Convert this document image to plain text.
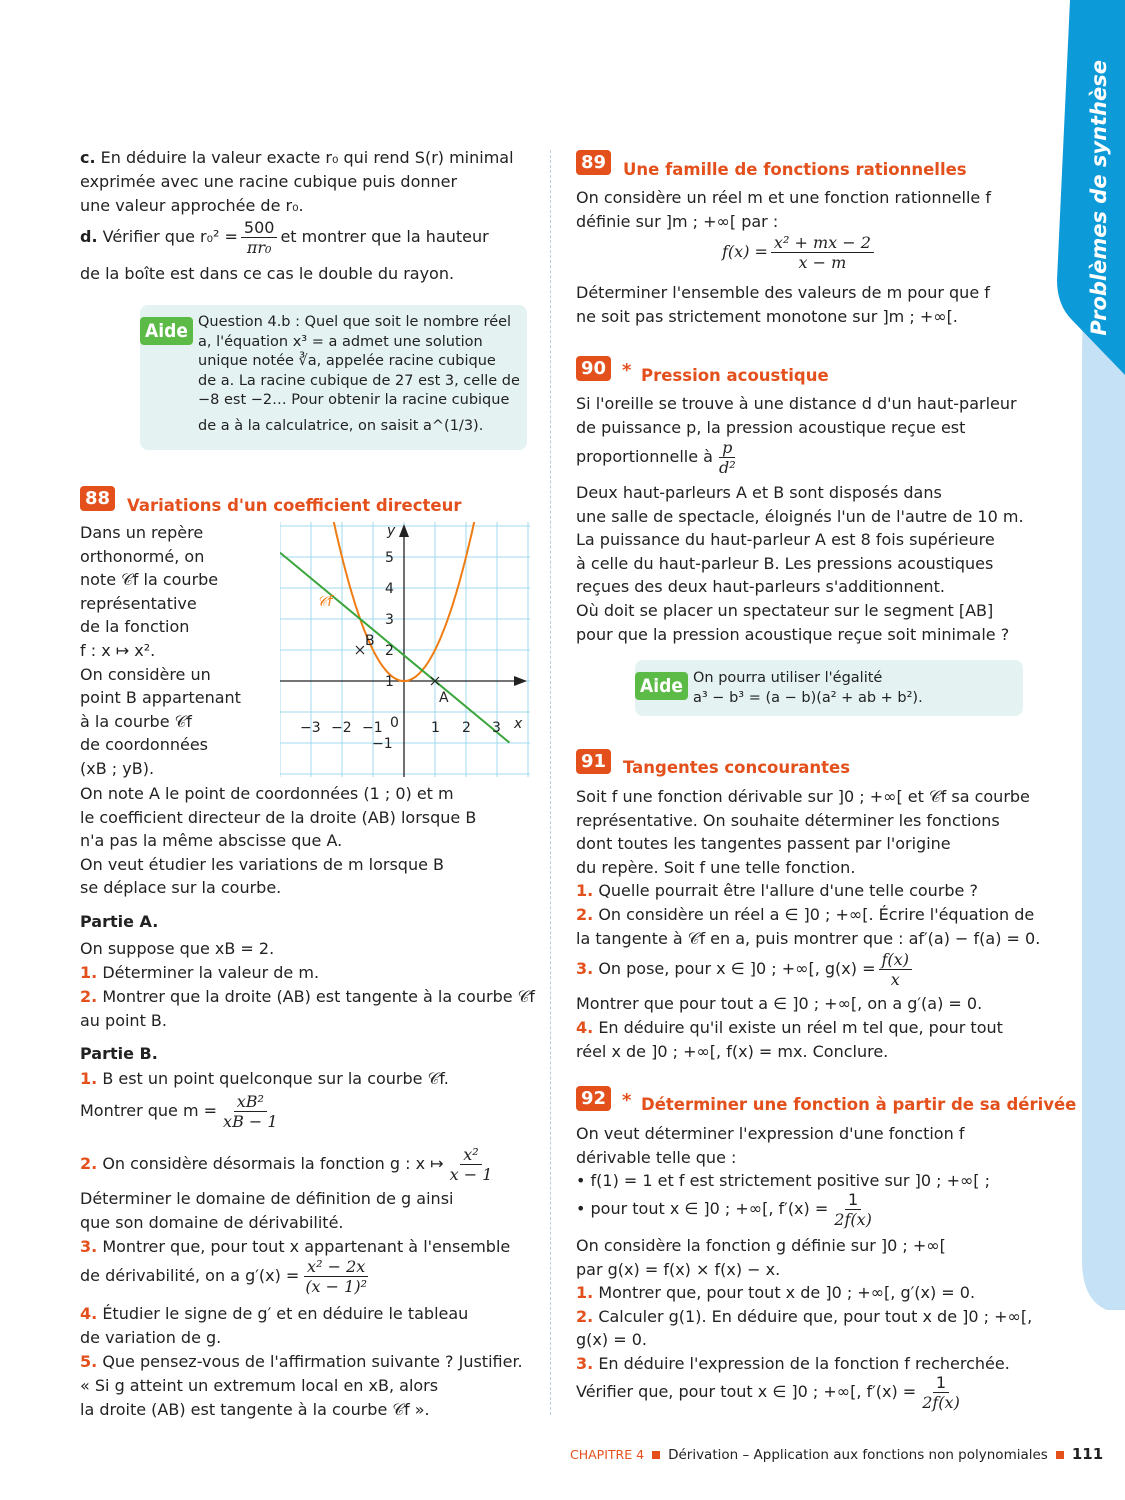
Problèmes de synthèse
c. En déduire la valeur exacte r₀ qui rend S(r) minimal
exprimée avec une racine cubique puis donner
une valeur approchée de r₀.
d. Vérifier que $r_0^2 = \frac{500}{\text{πr₀}}$ et montrer que la hauteur
de la boîte est dans ce cas le double du rayon.
Aide Question 4.b : Quel que soit le nombre réel
a, l'équation x³ = a admet une solution
unique notée ∛a, appelée racine cubique
de a. La racine cubique de 27 est 3, celle de
−8 est −2… Pour obtenir la racine cubique
de a à la calculatrice, on saisit a^(1/3).
88	Variations d'un coefficient directeur
Dans un repère
orthonormé, on
note 𝒞f la courbe
représentative
de la fonction
f : x ↦ x².
On considère un
point B appartenant
à la courbe 𝒞f
de coordonnées
(xB ; yB).
y
x
0
−3 −2 −1	1 2 3
−1
1
2
3
4
5
B
A
𝒞f
On note A le point de coordonnées (1 ; 0) et m
le coefficient directeur de la droite (AB) lorsque B
n'a pas la même abscisse que A.
On veut étudier les variations de m lorsque B
se déplace sur la courbe.
Partie A.
On suppose que xB = 2.
1. Déterminer la valeur de m.
2. Montrer que la droite (AB) est tangente à la courbe 𝒞f
au point B.
Partie B.
1. B est un point quelconque sur la courbe 𝒞f.
Montrer que $m = \frac{\text{xB²}}{xB - 1}$
2. On considère désormais la fonction g : x ↦ $\frac{\text{x²}}{x - 1}$
Déterminer le domaine de définition de g ainsi
que son domaine de dérivabilité.
3. Montrer que, pour tout x appartenant à l'ensemble
de dérivabilité, on a $g'(x) = \frac{\text{x² − 2x}}{\text{(x − 1)²}}$
4. Étudier le signe de g′ et en déduire le tableau
de variation de g.
5. Que pensez-vous de l'affirmation suivante ? Justifier.
« Si g atteint un extremum local en xB, alors
la droite (AB) est tangente à la courbe 𝒞f ».
89	Une famille de fonctions rationnelles
On considère un réel m et une fonction rationnelle f
définie sur ]m ; +∞[ par :
$f(x) = \frac{\text{x² + mx − 2}}{x - m}$
Déterminer l'ensemble des valeurs de m pour que f
ne soit pas strictement monotone sur ]m ; +∞[.
90 * Pression acoustique
Si l'oreille se trouve à une distance d d'un haut-parleur
de puissance p, la pression acoustique reçue est
proportionnelle à $\frac{p}{\text{d²}}$
Deux haut-parleurs A et B sont disposés dans
une salle de spectacle, éloignés l'un de l'autre de 10 m.
La puissance du haut-parleur A est 8 fois supérieure
à celle du haut-parleur B. Les pressions acoustiques
reçues des deux haut-parleurs s'additionnent.
Où doit se placer un spectateur sur le segment [AB]
pour que la pression acoustique reçue soit minimale ?
Aide On pourra utiliser l'égalité
a³ − b³ = (a − b)(a² + ab + b²).
91	Tangentes concourantes
Soit f une fonction dérivable sur ]0 ; +∞[ et 𝒞f sa courbe
représentative. On souhaite déterminer les fonctions
dont toutes les tangentes passent par l'origine
du repère. Soit f une telle fonction.
1. Quelle pourrait être l'allure d'une telle courbe ?
2. On considère un réel a ∈ ]0 ; +∞[. Écrire l'équation de
la tangente à 𝒞f en a, puis montrer que : af′(a) − f(a) = 0.
3. On pose, pour x ∈ ]0 ; +∞[, $g(x) = \frac{f(x)}{x}$
Montrer que pour tout a ∈ ]0 ; +∞[, on a g′(a) = 0.
4. En déduire qu'il existe un réel m tel que, pour tout
réel x de ]0 ; +∞[, f(x) = mx. Conclure.
92 * Déterminer une fonction à partir de sa dérivée
On veut déterminer l'expression d'une fonction f
dérivable telle que :
• f(1) = 1 et f est strictement positive sur ]0 ; +∞[ ;
• pour tout x ∈ ]0 ; +∞[, $f'(x) = \frac{1}{2f(x)}$
On considère la fonction g définie sur ]0 ; +∞[
par g(x) = f(x) × f(x) − x.
1. Montrer que, pour tout x de ]0 ; +∞[, g′(x) = 0.
2. Calculer g(1). En déduire que, pour tout x de ]0 ; +∞[,
g(x) = 0.
3. En déduire l'expression de la fonction f recherchée.
Vérifier que, pour tout x ∈ ]0 ; +∞[, $f'(x) = \frac{1}{2f(x)}$
CHAPITRE 4 Dérivation – Application aux fonctions non polynomiales 111
